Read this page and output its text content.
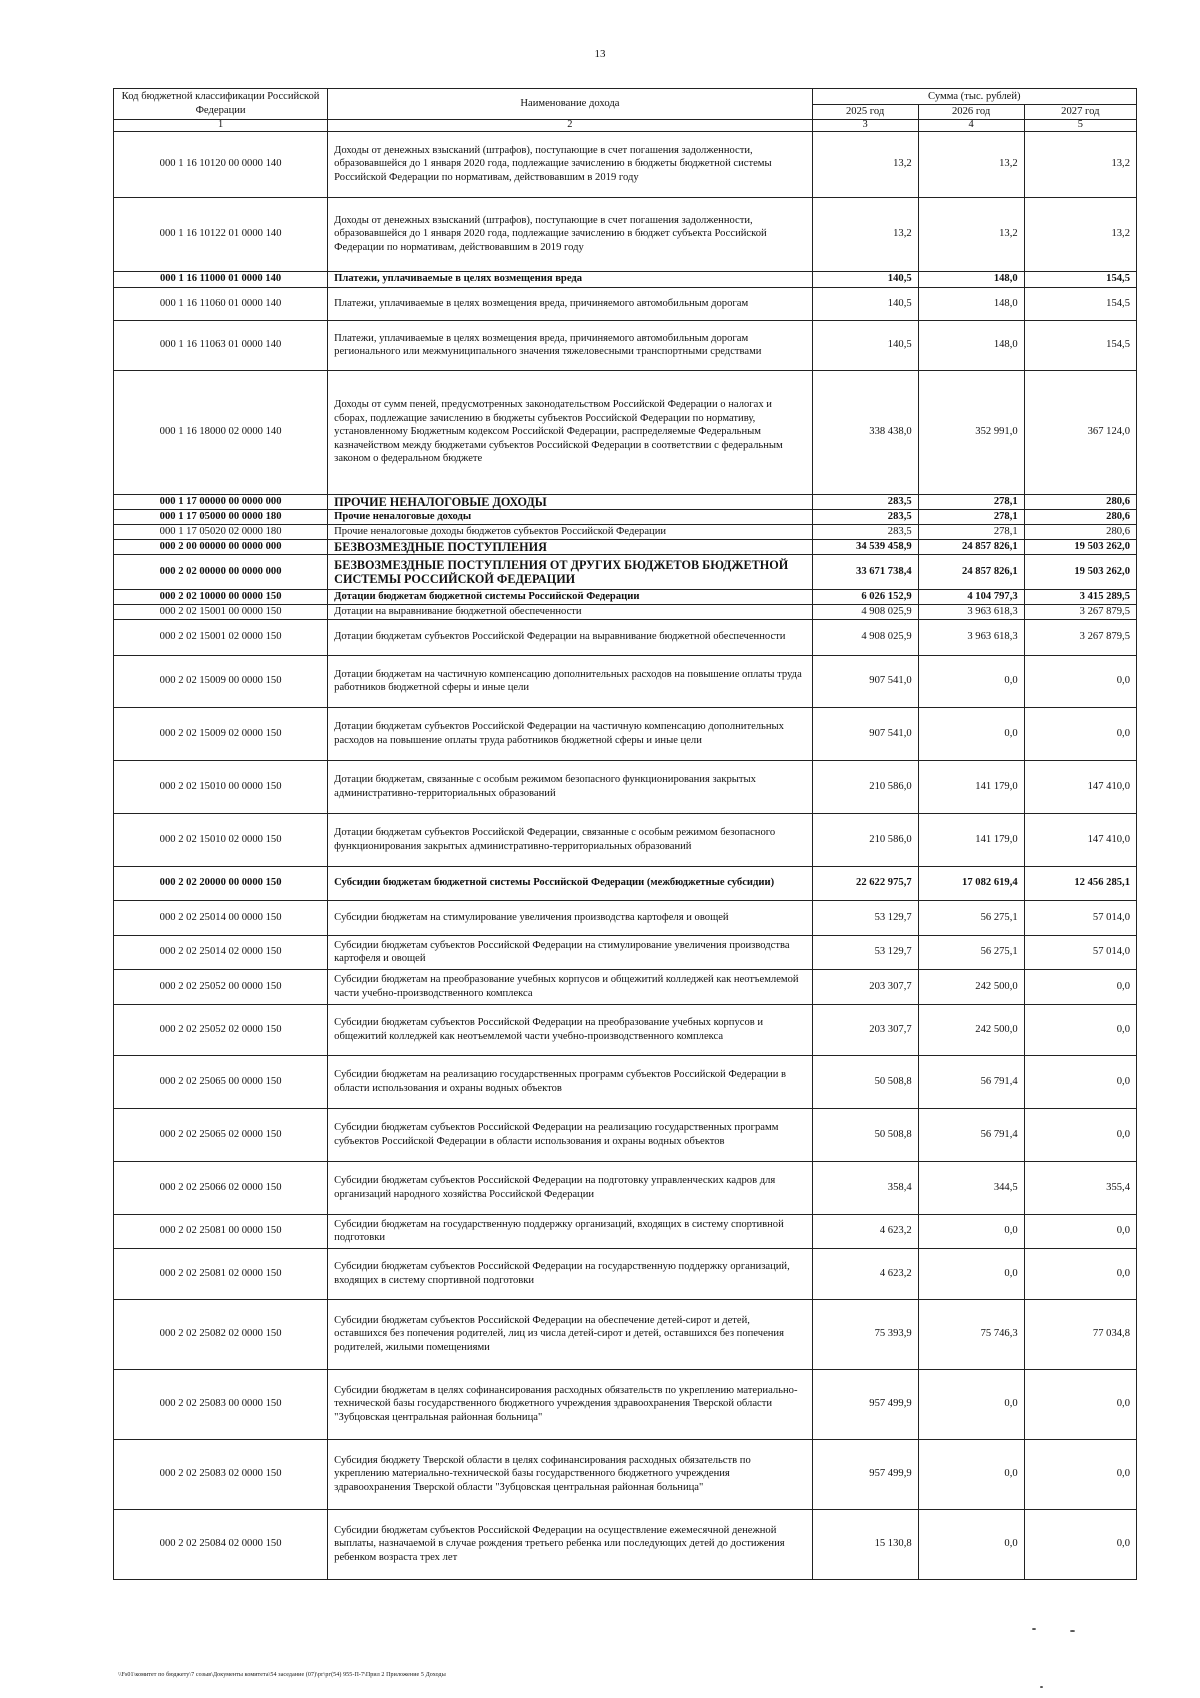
13
Код бюджетной классификации Российской Федерации	Наименование дохода	Сумма (тыс. рублей)		
		2025 год	2026 год	2027 год
1	2	3	4	5
000 1 16 10120 00 0000 140	Доходы от денежных взысканий (штрафов), поступающие в счет погашения задолженности, образовавшейся до 1 января 2020 года, подлежащие зачислению в бюджеты бюджетной системы Российской Федерации по нормативам, действовавшим в 2019 году	13,2	13,2	13,2
000 1 16 10122 01 0000 140	Доходы от денежных взысканий (штрафов), поступающие в счет погашения задолженности, образовавшейся до 1 января 2020 года, подлежащие зачислению в бюджет субъекта Российской Федерации по нормативам, действовавшим в 2019 году	13,2	13,2	13,2
000 1 16 11000 01 0000 140	Платежи, уплачиваемые в целях возмещения вреда	140,5	148,0	154,5
000 1 16 11060 01 0000 140	Платежи, уплачиваемые в целях возмещения вреда, причиняемого автомобильным дорогам	140,5	148,0	154,5
000 1 16 11063 01 0000 140	Платежи, уплачиваемые в целях возмещения вреда, причиняемого автомобильным дорогам регионального или межмуниципального значения тяжеловесными транспортными средствами	140,5	148,0	154,5
000 1 16 18000 02 0000 140	Доходы от сумм пеней, предусмотренных законодательством Российской Федерации о налогах и сборах, подлежащие зачислению в бюджеты субъектов Российской Федерации по нормативу, установленному Бюджетным кодексом Российской Федерации, распределяемые Федеральным казначейством между бюджетами субъектов Российской Федерации в соответствии с федеральным законом о федеральном бюджете	338 438,0	352 991,0	367 124,0
000 1 17 00000 00 0000 000	ПРОЧИЕ НЕНАЛОГОВЫЕ ДОХОДЫ	283,5	278,1	280,6
000 1 17 05000 00 0000 180	Прочие неналоговые доходы	283,5	278,1	280,6
000 1 17 05020 02 0000 180	Прочие неналоговые доходы бюджетов субъектов Российской Федерации	283,5	278,1	280,6
000 2 00 00000 00 0000 000	БЕЗВОЗМЕЗДНЫЕ ПОСТУПЛЕНИЯ	34 539 458,9	24 857 826,1	19 503 262,0
000 2 02 00000 00 0000 000	БЕЗВОЗМЕЗДНЫЕ ПОСТУПЛЕНИЯ ОТ ДРУГИХ БЮДЖЕТОВ БЮДЖЕТНОЙ СИСТЕМЫ РОССИЙСКОЙ ФЕДЕРАЦИИ	33 671 738,4	24 857 826,1	19 503 262,0
000 2 02 10000 00 0000 150	Дотации бюджетам бюджетной системы Российской Федерации	6 026 152,9	4 104 797,3	3 415 289,5
000 2 02 15001 00 0000 150	Дотации на выравнивание бюджетной обеспеченности	4 908 025,9	3 963 618,3	3 267 879,5
000 2 02 15001 02 0000 150	Дотации бюджетам субъектов Российской Федерации на выравнивание бюджетной обеспеченности	4 908 025,9	3 963 618,3	3 267 879,5
000 2 02 15009 00 0000 150	Дотации бюджетам на частичную компенсацию дополнительных расходов на повышение оплаты труда работников бюджетной сферы и иные цели	907 541,0	0,0	0,0
000 2 02 15009 02 0000 150	Дотации бюджетам субъектов Российской Федерации на частичную компенсацию дополнительных расходов на повышение оплаты труда работников бюджетной сферы и иные цели	907 541,0	0,0	0,0
000 2 02 15010 00 0000 150	Дотации бюджетам, связанные с особым режимом безопасного функционирования закрытых административно-территориальных образований	210 586,0	141 179,0	147 410,0
000 2 02 15010 02 0000 150	Дотации бюджетам субъектов Российской Федерации, связанные с особым режимом безопасного функционирования закрытых административно-территориальных образований	210 586,0	141 179,0	147 410,0
000 2 02 20000 00 0000 150	Субсидии бюджетам бюджетной системы Российской Федерации (межбюджетные субсидии)	22 622 975,7	17 082 619,4	12 456 285,1
000 2 02 25014 00 0000 150	Субсидии бюджетам на стимулирование увеличения производства картофеля и овощей	53 129,7	56 275,1	57 014,0
000 2 02 25014 02 0000 150	Субсидии бюджетам субъектов Российской Федерации на стимулирование увеличения производства картофеля и овощей	53 129,7	56 275,1	57 014,0
000 2 02 25052 00 0000 150	Субсидии бюджетам на преобразование учебных корпусов и общежитий колледжей как неотъемлемой части учебно-производственного комплекса	203 307,7	242 500,0	0,0
000 2 02 25052 02 0000 150	Субсидии бюджетам субъектов Российской Федерации на преобразование учебных корпусов и общежитий колледжей как неотъемлемой части учебно-производственного комплекса	203 307,7	242 500,0	0,0
000 2 02 25065 00 0000 150	Субсидии бюджетам на реализацию государственных программ субъектов Российской Федерации в области использования и охраны водных объектов	50 508,8	56 791,4	0,0
000 2 02 25065 02 0000 150	Субсидии бюджетам субъектов Российской Федерации на реализацию государственных программ субъектов Российской Федерации в области использования и охраны водных объектов	50 508,8	56 791,4	0,0
000 2 02 25066 02 0000 150	Субсидии бюджетам субъектов Российской Федерации на подготовку управленческих кадров для организаций народного хозяйства Российской Федерации	358,4	344,5	355,4
000 2 02 25081 00 0000 150	Субсидии бюджетам на государственную поддержку организаций, входящих в систему спортивной подготовки	4 623,2	0,0	0,0
000 2 02 25081 02 0000 150	Субсидии бюджетам субъектов Российской Федерации на государственную поддержку организаций, входящих в систему спортивной подготовки	4 623,2	0,0	0,0
000 2 02 25082 02 0000 150	Субсидии бюджетам субъектов Российской Федерации на обеспечение детей-сирот и детей, оставшихся без попечения родителей, лиц из числа детей-сирот и детей, оставшихся без попечения родителей, жилыми помещениями	75 393,9	75 746,3	77 034,8
000 2 02 25083 00 0000 150	Субсидии бюджетам в целях софинансирования расходных обязательств по укреплению материально-технической базы государственного бюджетного учреждения здравоохранения Тверской области "Зубцовская центральная районная больница"	957 499,9	0,0	0,0
000 2 02 25083 02 0000 150	Субсидия бюджету Тверской области в целях софинансирования расходных обязательств по укреплению материально-технической базы государственного бюджетного учреждения здравоохранения Тверской области "Зубцовская центральная районная больница"	957 499,9	0,0	0,0
000 2 02 25084 02 0000 150	Субсидии бюджетам субъектов Российской Федерации на осуществление ежемесячной денежной выплаты, назначаемой в случае рождения третьего ребенка или последующих детей до достижения ребенком возраста трех лет	15 130,8	0,0	0,0
\\Fs01\комитет по бюджету\7 созыв\Документы комитета\54 заседание (07)\рг\рг(54) 955-П-7\Прил 2 Приложение 5 Доходы
